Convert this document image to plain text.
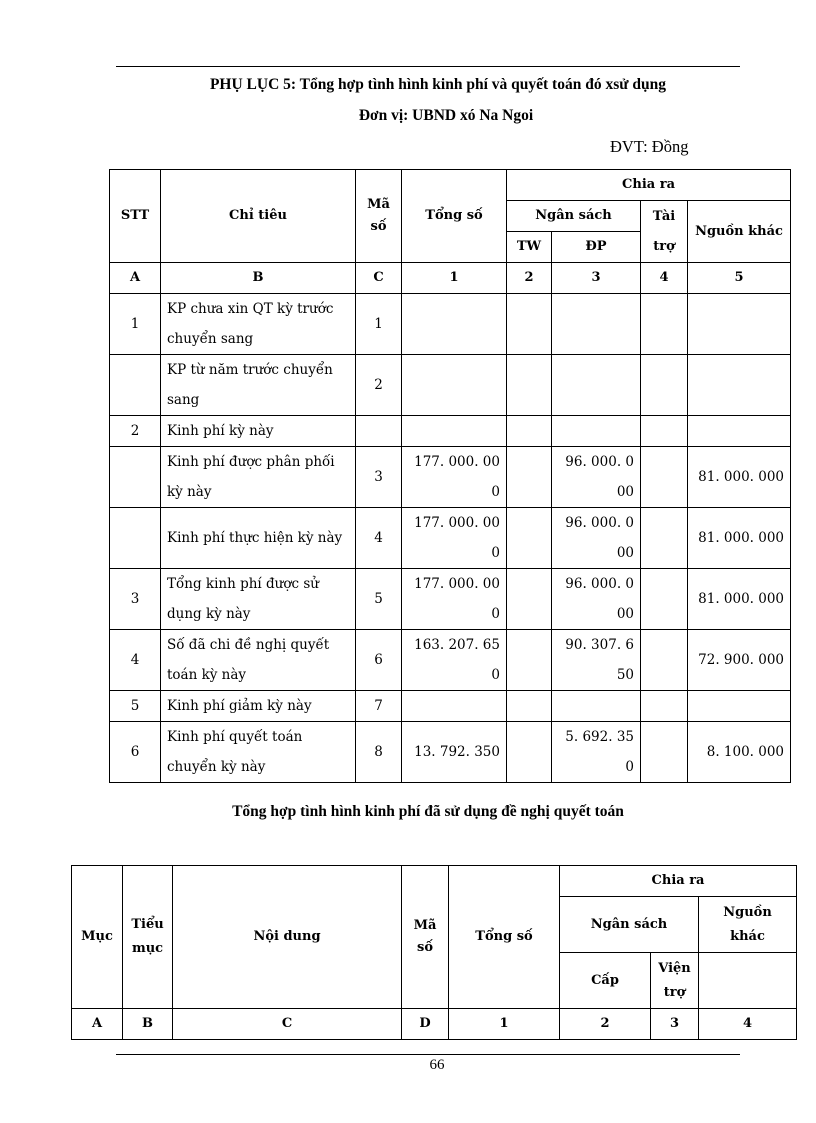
PHỤ LỤC 5: Tổng hợp tình hình kinh phí và quyết toán đó xsử dụng
Đơn vị: UBND xó Na Ngoi
ĐVT: Đồng
STT	Chỉ tiêu	Mã số	Tổng số	Chia ra			
				Ngân sách		Tài trợ	Nguồn khác
				TW	ĐP		
A	B	C	1	2	3	4	5
1	KP chưa xin QT kỳ trước chuyển sang	1					
	KP từ năm trước chuyển sang	2					
2	Kinh phí kỳ này						
	Kinh phí được phân phối kỳ này	3	177. 000. 000		96. 000. 000		81. 000. 000
	Kinh phí thực hiện kỳ này	4	177. 000. 000		96. 000. 000		81. 000. 000
3	Tổng kinh phí được sử dụng kỳ này	5	177. 000. 000		96. 000. 000		81. 000. 000
4	Số đã chi đề nghị quyết toán kỳ này	6	163. 207. 650		90. 307. 650		72. 900. 000
5	Kinh phí giảm kỳ này	7					
6	Kinh phí quyết toán chuyển kỳ này	8	13. 792. 350		5. 692. 350		8. 100. 000
Tổng hợp tình hình kinh phí đã sử dụng đề nghị quyết toán
Mục	Tiểu mục	Nội dung	Mã số	Tổng số	Chia ra		
					Ngân sách		Nguồn khác
					Cấp	Viện trợ	
A	B	C	D	1	2	3	4
66
